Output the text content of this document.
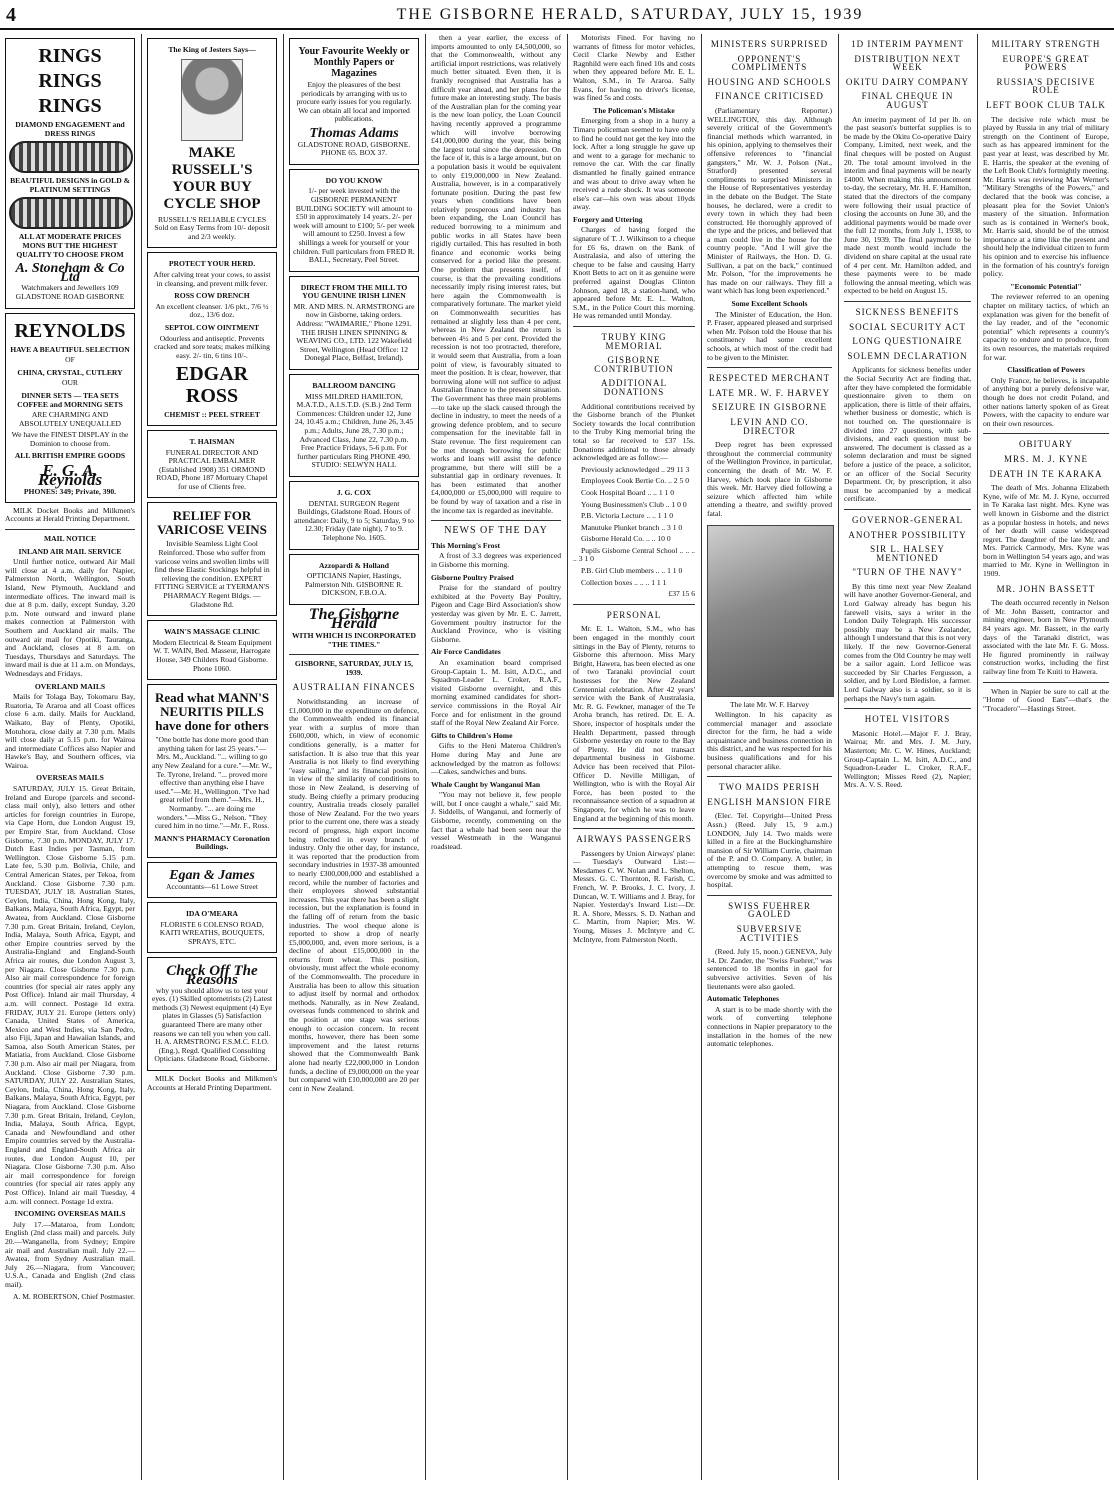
4	THE GISBORNE HERALD, SATURDAY, JULY 15, 1939
RINGS
RINGS
RINGS

DIAMOND ENGAGEMENT and DRESS RINGS

BEAUTIFUL DESIGNS in GOLD & PLATINUM SETTINGS

ALL AT MODERATE PRICES MONS BUT THE HIGHEST QUALITY TO CHOOSE FROM

A. Stoneham & Co Ltd

Watchmakers and Jewellers 109 GLADSTONE ROAD GISBORNE

REYNOLDS

HAVE A BEAUTIFUL SELECTION

OF

CHINA, CRYSTAL, CUTLERY

OUR

DINNER SETS — TEA SETS COFFEE and MORNING SETS

ARE CHARMING AND ABSOLUTELY UNEQUALLED

We have the FINEST DISPLAY in the Dominion to choose from.

ALL BRITISH EMPIRE GOODS

E. G. A. Reynolds

PHONES: 349; Private, 390.

MILK Docket Books and Milkmen's Accounts at Herald Printing Department.

MAIL NOTICE

INLAND AIR MAIL SERVICE

Until further notice, outward Air Mail will close at 4 a.m. daily for Napier, Palmerston North, Wellington, South Island, New Plymouth, Auckland and intermediate offices. The inward mail is due at 8 p.m. daily, except Sunday, 3.20 p.m. Note outward and inward plane makes connection at Palmerston with Southern and Auckland air mails. The outward air mail for Opotiki, Tauranga, and Auckland, closes at 8 a.m. on Tuesdays, Thursdays and Saturdays. The inward mail is due at 11 a.m. on Mondays, Wednesdays and Fridays.

OVERLAND MAILS

Mails for Tolaga Bay, Tokomaru Bay, Ruatoria, Te Araroa and all Coast offices close 6 a.m. daily. Mails for Auckland, Waikato, Bay of Plenty, Opotiki, Motuhora, close daily at 7.30 p.m. Mails will close daily at 5.15 p.m. for Wairoa and intermediate Coffices also Napier and Hawke's Bay, and Southern offices, via Wairoa.

OVERSEAS MAILS

SATURDAY, JULY 15. Great Britain, Ireland and Europe (parcels and second-class mail only), also letters and other articles for foreign countries in Europe, via Cape Horn, due London August 19, per Empire Star, from Auckland. Close Gisborne, 7.30 p.m. MONDAY, JULY 17. Dutch East Indies per Tasman, from Wellington. Close Gisborne 5.15 p.m. Late fee, 5.30 p.m. Bolivia, Chile, and Central American States, per Tekoa, from Auckland. Close Gisborne 7.30 p.m. TUESDAY, JULY 18. Australian States, Ceylon, India, China, Hong Kong, Italy, Balkans, Malaya, South Africa, Egypt, per Awatea, from Auckland. Close Gisborne 7.30 p.m. Great Britain, Ireland, Ceylon, India, Malaya, South Africa, Egypt, and other Empire countries served by the Australia-England and England-South Africa air routes, due London August 3, per Niagara. Close Gisborne 7.30 p.m. Also air mail correspondence for foreign countries (for special air rates apply any Post Office). Inland air mail Thursday, 4 a.m. will connect. Postage 1d extra. FRIDAY, JULY 21. Europe (letters only) Canada, United States of America, Mexico and West Indies, via San Pedro, also Fiji, Japan and Hawaiian Islands, and Samoa, also South American States, per Matiatia, from Auckland. Close Gisborne 7.30 p.m. Also air mail per Niagara, from Auckland. Close Gisborne 7.30 p.m. SATURDAY, JULY 22. Australian States, Ceylon, India, China, Hong Kong, Italy, Balkans, Malaya, South Africa, Egypt, per Niagara, from Auckland. Close Gisborne 7.30 p.m. Great Britain, Ireland, Ceylon, India, Malaya, South Africa, Egypt, Canada and Newfoundland and other Empire countries served by the Australia-England and England-South Africa air routes, due London August 10, per Niagara. Close Gisborne 7.30 p.m. Also air mail correspondence for foreign countries (for special air rates apply any Post Office). Inland air mail Tuesday, 4 a.m. will connect. Postage 1d extra.

INCOMING OVERSEAS MAILS

July 17.—Mataroa, from London; English (2nd class mail) and parcels. July 20.—Wanganella, from Sydney; Empire air mail and Australian mail. July 22.—Awatea, from Sydney Australian mail. July 26.—Niagara, from Vancouver; U.S.A., Canada and English (2nd class mail).

A. M. ROBERTSON, Chief Postmaster.

The King of Jesters Says—

MAKE RUSSELL'S YOUR BUY CYCLE SHOP

RUSSELL'S RELIABLE CYCLES Sold on Easy Terms from 10/- deposit and 2/3 weekly.

PROTECT YOUR HERD.

After calving treat your cows, to assist in cleansing, and prevent milk fever.

ROSS COW DRENCH

An excellent cleanser. 1/6 pkt., 7/6 ½ doz., 13/6 doz.

SEPTOL COW OINTMENT

Odourless and antiseptic. Prevents cracked and sore teats; makes milking easy. 2/- tin, 6 tins 10/-.

EDGAR ROSS

CHEMIST :: PEEL STREET

T. HAISMAN

FUNERAL DIRECTOR AND PRACTICAL EMBALMER (Established 1908) 351 ORMOND ROAD, Phone 187 Mortuary Chapel for use of Clients free.

RELIEF FOR VARICOSE VEINS

Invisible Seamless Light Cool Reinforced. Those who suffer from varicose veins and swollen limbs will find these Elastic Stockings helpful in relieving the condition. EXPERT FITTING SERVICE at TYERMAN'S PHARMACY Regent Bldgs. — Gladstone Rd.

WAIN'S MASSAGE CLINIC

Modern Electrical & Steam Equipment W. T. WAIN, Bed. Masseur, Harrogate House, 349 Childers Road Gisborne. Phone 1060.

Read what MANN'S NEURITIS PILLS have done for others

"One bottle has done more good than anything taken for last 25 years."—Mrs. M., Auckland. "... willing to go any New Zealand for a cure."—Mr. W., Te. Tyrone, Ireland. "... proved more effective than anything else I have used."—Mr. H., Wellington. "I've had great relief from them."—Mrs. H., Normanby. "... are doing me wonders."—Miss G., Nelson. "They cured him in no time."—Mr. F., Ross.

MANN'S PHARMACY Coronation Buildings.

Egan & James

Accountants—61 Lowe Street

IDA O'MEARA

FLORISTE 6 COLENSO ROAD, KAITI WREATHS, BOUQUETS, SPRAYS, ETC.

Check Off The Reasons

why you should allow us to test your eyes. (1) Skilled optometrists (2) Latest methods (3) Newest equipment (4) Eye plates in Glasses (5) Satisfaction guaranteed There are many other reasons we can tell you when you call. H. A. ARMSTRONG F.S.M.C. F.I.O. (Eng.), Regd. Qualified Consulting Opticians. Gladstone Road, Gisborne.

MILK Docket Books and Milkmen's Accounts at Herald Printing Department.

Your Favourite Weekly or Monthly Papers or Magazines

Enjoy the pleasures of the best periodicals by arranging with us to procure early issues for you regularly. We can obtain all local and imported publications.

Thomas Adams

GLADSTONE ROAD, GISBORNE. PHONE 65. BOX 37.

DO YOU KNOW

1/- per week invested with the GISBORNE PERMANENT BUILDING SOCIETY will amount to £50 in approximately 14 years. 2/- per week will amount to £100; 5/- per week will amount to £250. Invest a few shillings a week for yourself or your children. Full particulars from FRED R. BALL, Secretary, Peel Street.

DIRECT FROM THE MILL TO YOU GENUINE IRISH LINEN

MR. AND MRS. N. ARMSTRONG are now in Gisborne, taking orders. Address: "WAIMARIE," Phone 1291. THE IRISH LINEN SPINNING & WEAVING CO., LTD. 122 Wakefield Street, Wellington (Head Office: 12 Donegal Place, Belfast, Ireland).

BALLROOM DANCING

MISS MILDRED HAMILTON, M.A.T.D., A.I.S.T.D. (S.B.) 2nd Term Commences: Children under 12, June 24, 10.45 a.m.; Children, June 26, 3.45 p.m.; Adults, June 28, 7.30 p.m.; Advanced Class, June 22, 7.30 p.m. Free Practice Fridays, 5-6 p.m. For further particulars Ring PHONE 490. STUDIO: SELWYN HALL

J. G. COX

DENTAL SURGEON Regent Buildings, Gladstone Road. Hours of attendance: Daily, 9 to 5; Saturday, 9 to 12.30; Friday (late night), 7 to 9. Telephone No. 1605.

Azzopardi & Holland

OPTICIANS Napier, Hastings, Palmerston Nth. GISBORNE R. DICKSON, F.B.O.A.

The Gisborne Herald

WITH WHICH IS INCORPORATED "THE TIMES."

GISBORNE, SATURDAY, JULY 15, 1939.

AUSTRALIAN FINANCES

Notwithstanding an increase of £1,000,000 in the expenditure on defence, the Commonwealth ended its financial year with a surplus of more than £600,000, which, in view of economic conditions generally, is a matter for satisfaction. It is also true that this year Australia is not likely to find everything "easy sailing," and its financial position, in view of the similarity of conditions to those in New Zealand, is deserving of study. Being chiefly a primary producing country, Australia treads closely parallel those of New Zealand. For the two years prior to the current one, there was a steady record of progress, high export income being reflected in every branch of industry. Only the other day, for instance, it was reported that the production from secondary industries in 1937-38 amounted to nearly £300,000,000 and established a record, while the number of factories and their employees showed substantial increases. This year there has been a slight recession, but the explanation is found in the falling off of return from the basic industries. The wool cheque alone is reported to show a drop of nearly £5,000,000, and, even more serious, is a decline of about £15,000,000 in the returns from wheat. This position, obviously, must affect the whole economy of the Commonwealth. The procedure in Australia has been to allow this situation to adjust itself by normal and orthodox methods. Naturally, as in New Zealand, overseas funds commenced to shrink and the position at one stage was serious enough to occasion concern. In recent months, however, there has been some improvement and the latest returns showed that the Commonwealth Bank alone had nearly £22,000,000 in London funds, a decline of £9,000,000 on the year but compared with £10,000,000 are 20 per cent in New Zealand.

then a year earlier, the excess of imports amounted to only £4,500,000, so that the Commonwealth, without any artificial import restrictions, was relatively much better situated. Even then, it is frankly recognised that Australia has a difficult year ahead, and her plans for the future make an interesting study. The basis of the Australian plan for the coming year is the new loan policy, the Loan Council having recently approved a programme which will involve borrowing £41,000,000 during the year, this being the largest total since the depression. On the face of it, this is a large amount, but on a population basis it would be equivalent to only £19,000,000 in New Zealand. Australia, however, is in a comparatively fortunate position. During the past few years when conditions have been relatively prosperous and industry has been expanding, the Loan Council has reduced borrowing to a minimum and public works in all States have been rigidly curtailed. This has resulted in both finance and economic works being conserved for a period like the present. One problem that presents itself, of course, is that the prevailing conditions necessarily imply rising interest rates, but here again the Commonwealth is comparatively fortunate. The market yield on Commonwealth securities has remained at slightly less than 4 per cent, whereas in New Zealand the return is between 4½ and 5 per cent. Provided the recession is not too protracted, therefore, it would seem that Australia, from a loan point of view, is favourably situated to meet the position. It is clear, however, that borrowing alone will not suffice to adjust Australian finance to the present situation. The Government has three main problems—to take up the slack caused through the decline in industry, to meet the needs of a growing defence problem, and to secure compensation for the inevitable fall in State revenue. The first requirement can be met through borrowing for public works and loans will assist the defence programme, but there will still be a substantial gap in ordinary revenues. It has been estimated that another £4,000,000 or £5,000,000 will require to be found by way of taxation and a rise in the income tax is regarded as inevitable.

NEWS OF THE DAY

This Morning's Frost

A frost of 3.3 degrees was experienced in Gisborne this morning.

Gisborne Poultry Praised

Praise for the standard of poultry exhibited at the Poverty Bay Poultry, Pigeon and Cage Bird Association's show yesterday was given by Mr. E. C. Jarrett, Government poultry instructor for the Auckland Province, who is visiting Gisborne.

Air Force Candidates

An examination board comprised Group-Captain L. M. Isitt, A.D.C., and Squadron-Leader L. Croker, R.A.F., visited Gisborne overnight, and this morning examined candidates for short-service commissions in the Royal Air Force and for enlistment in the ground staff of the Royal New Zealand Air Force.

Gifts to Children's Home

Gifts to the Heni Materoa Children's Home during May and June are acknowledged by the matron as follows:—Cakes, sandwiches and buns.

Whale Caught by Wanganui Man

"You may not believe it, few people will, but I once caught a whale," said Mr. J. Siddells, of Wanganui, and formerly of Gisborne, recently, commenting on the fact that a whale had been seen near the vessel Westmeath in the Wanganui roadstead.

Motorists Fined. For having no warrants of fitness for motor vehicles, Cecil Clarke Newby and Esther Ragnhild were each fined 10s and costs when they appeared before Mr. E. L. Walton, S.M., in Te Araroa. Sally Evans, for having no driver's license, was fined 5s and costs.

The Policeman's Mistake

Emerging from a shop in a hurry a Timaru policeman seemed to have only to find he could not get the key into the lock. After a long struggle he gave up and went to a garage for mechanic to remove the car. With the car finally dismantled he finally gained entrance and was about to drive away when he received a rude shock. It was someone else's car—his own was about 10yds away.

Forgery and Uttering

Charges of having forged the signature of T. J. Wilkinson to a cheque for £6 6s, drawn on the Bank of Australasia, and also of uttering the cheque to be false and causing Harry Knott Betts to act on it as genuine were preferred against Douglas Clinton Johnson, aged 18, a station-hand, who appeared before Mr. E. L. Walton, S.M., in the Police Court this morning. He was remanded until Monday.

TRUBY KING MEMORIAL

GISBORNE CONTRIBUTION

ADDITIONAL DONATIONS

Additional contributions received by the Gisborne branch of the Plunket Society towards the local contribution to the Truby King memorial bring the total so far received to £37 15s. Donations additional to those already acknowledged are as follow:—

Previously acknowledged .. 29 11 3

Employees Cook Bertie Co. .. 2 5 0

Cook Hospital Board .. .. 1 1 0

Young Businessmen's Club .. 1 0 0

P.B. Victoria Lecture .. .. 1 1 0

Manutuke Plunket branch .. 3 1 0

Gisborne Herald Co. .. .. 10 0

Pupils Gisborne Central School .. .. .. .. 3 1 0

P.B. Girl Club members .. .. 1 1 0

Collection boxes .. .. .. 1 1 1

£37 15 6

PERSONAL

Mr. E. L. Walton, S.M., who has been engaged in the monthly court sittings in the Bay of Plenty, returns to Gisborne this afternoon. Miss Mary Bright, Hawera, has been elected as one of two Taranaki provincial court hostesses for the New Zealand Centennial celebration. After 42 years' service with the Bank of Australasia, Mr. R. G. Fewkner, manager of the Te Aroha branch, has retired. Dr. E. A. Shore, inspector of hospitals under the Health Department, passed through Gisborne yesterday en route to the Bay of Plenty. He did not transact departmental business in Gisborne. Advice has been received that Pilot-Officer D. Neville Milligan, of Wellington, who is with the Royal Air Force, has been posted to the reconnaissance section of a squadron at Singapore, for which he was to leave England at the beginning of this month.

AIRWAYS PASSENGERS

Passengers by Union Airways' plane:— Tuesday's Outward List:—Mesdames C. W. Nolan and L. Shelton, Messrs. G. C. Thornton, R. Farish, C. French, W. P. Brooks, J. C. Ivory, J. Duncan, W. T. Williams and J. Bray, for Napier. Yesterday's Inward List:—Dr. R. A. Shore, Messrs. S. D. Nathan and C. Martin, from Napier; Mrs. W. Young, Misses J. McIntyre and C. McIntyre, from Palmerston North.

MINISTERS SURPRISED

OPPONENT'S COMPLIMENTS

HOUSING AND SCHOOLS

FINANCE CRITICISED

(Parliamentary Reporter.) WELLINGTON, this day. Although severely critical of the Government's financial methods which warranted, in his opinion, applying to themselves their offensive references to "financial gangsters," Mr. W. J. Polson (Nat., Stratford) presented several compliments to surprised Ministers in the House of Representatives yesterday in the debate on the Budget. The State houses, he declared, were a credit to every town in which they had been constructed. He thoroughly approved of the type and the prices, and believed that a man could live in the house for the country people. "And I will give the Minister of Railways, the Hon. D. G. Sullivan, a pat on the back," continued Mr. Polson, "for the improvements he has made on our railways. They fill a want which has long been experienced."

Some Excellent Schools

The Minister of Education, the Hon. P. Fraser, appeared pleased and surprised when Mr. Polson told the House that his constituency had some excellent schools, at which most of the credit had to be given to the Minister.

RESPECTED MERCHANT

LATE MR. W. F. HARVEY

SEIZURE IN GISBORNE

LEVIN AND CO. DIRECTOR

Deep regret has been expressed throughout the commercial community of the Wellington Province, in particular, concerning the death of Mr. W. F. Harvey, which took place in Gisborne this week. Mr. Harvey died following a seizure which affected him while attending a theatre, and swiftly proved fatal.

The late Mr. W. F. Harvey

Wellington. In his capacity as commercial manager and associate director for the firm, he had a wide acquaintance and business connection in this district, and he was respected for his business qualifications and for his personal character alike.

TWO MAIDS PERISH

ENGLISH MANSION FIRE

(Elec. Tel. Copyright—United Press Assn.) (Reed. July 15, 9 a.m.) LONDON, July 14. Two maids were killed in a fire at the Buckinghamshire mansion of Sir William Currie, chairman of the P. and O. Company. A butler, in attempting to rescue them, was overcome by smoke and was admitted to hospital.

SWISS FUEHRER GAOLED

SUBVERSIVE ACTIVITIES

(Reed. July 15, noon.) GENEVA, July 14. Dr. Zander, the "Swiss Fuehrer," was sentenced to 18 months in gaol for subversive activities. Seven of his lieutenants were also gaoled.

Automatic Telephones

A start is to be made shortly with the work of converting telephone connections in Napier preparatory to the installation in the homes of the new automatic telephones.

1D INTERIM PAYMENT

DISTRIBUTION NEXT WEEK

OKITU DAIRY COMPANY

FINAL CHEQUE IN AUGUST

An interim payment of 1d per lb. on the past season's butterfat supplies is to be made by the Okitu Co-operative Dairy Company, Limited, next week, and the final cheques will be posted on August 20. The total amount involved in the interim and final payments will be nearly £4000. When making this announcement to-day, the secretary, Mr. H. F. Hamilton, stated that the directors of the company were following their usual practice of closing the accounts on June 30, and the additional payments would be made over the full 12 months, from July 1, 1938, to June 30, 1939. The final payment to be made next month would include the dividend on share capital at the usual rate of 4 per cent. Mr. Hamilton added, and these payments were to be made following the annual meeting, which was expected to be held on August 15.

SICKNESS BENEFITS

SOCIAL SECURITY ACT

LONG QUESTIONAIRE

SOLEMN DECLARATION

Applicants for sickness benefits under the Social Security Act are finding that, after they have completed the formidable questionnaire given to them on application, there is little of their affairs, whether business or domestic, which is not touched on. The questionnaire is divided into 27 questions, with sub-divisions, and each question must be answered. The document is classed as a solemn declaration and must be signed before a justice of the peace, a solicitor, or an officer of the Social Security Department. Or, by prescription, it also must be accompanied by a medical certificate.

GOVERNOR-GENERAL

ANOTHER POSSIBILITY

SIR L. HALSEY MENTIONED

"TURN OF THE NAVY"

By this time next year New Zealand will have another Governor-General, and Lord Galway already has begun his farewell visits, says a writer in the London Daily Telegraph. His successor possibly may be a New Zealander, although I understand that this is not very likely. If the new Governor-General comes from the Old Country he may well be a sailor again. Lord Jellicoe was succeeded by Sir Charles Fergusson, a soldier, and by Lord Bledisloe, a farmer. Lord Galway also is a soldier, so it is perhaps the Navy's turn again.

HOTEL VISITORS

Masonic Hotel.—Major F. J. Bray, Wairoa; Mr. and Mrs. J. M. Jury, Masterton; Mr. C. W. Hines, Auckland; Group-Captain L. M. Isitt, A.D.C., and Squadron-Leader L. Croker, R.A.F., Wellington; Misses Reed (2), Napier; Mrs. A. V. S. Reed.

MILITARY STRENGTH

EUROPE'S GREAT POWERS

RUSSIA'S DECISIVE ROLE

LEFT BOOK CLUB TALK

The decisive role which must be played by Russia in any trial of military strength on the Continent of Europe, such as has appeared imminent for the past year at least, was described by Mr. E. Harris, the speaker at the evening of the Left Book Club's fortnightly meeting. Mr. Harris was reviewing Max Werner's "Military Strengths of the Powers," and declared that the book was concise, a pleasant plea for the Soviet Union's mastery of the situation. Information such as is contained in Werner's book, Mr. Harris said, should be of the utmost importance at a time like the present and should help the individual citizen to form his opinion and to exercise his influence in the formation of his country's foreign policy.

"Economic Potential"

The reviewer referred to an opening chapter on military tactics, of which an explanation was given for the benefit of the lay reader, and of the "economic potential" which represents a country's capacity to endure and to produce, from its own resources, the materials required for war.

Classification of Powers

Only France, he believes, is incapable of anything but a purely defensive war, though he does not credit Poland, and other nations latterly spoken of as Great Powers, with the capacity to endure war on their own resources.

OBITUARY

MRS. M. J. KYNE

DEATH IN TE KARAKA

The death of Mrs. Johanna Elizabeth Kyne, wife of Mr. M. J. Kyne, occurred in Te Karaka last night. Mrs. Kyne was well known in Gisborne and the district as a popular hostess in hotels, and news of her death will cause widespread regret. The daughter of the late Mr. and Mrs. Patrick Carmody, Mrs. Kyne was born in Wellington 54 years ago, and was married to Mr. Kyne in Wellington in 1909.

MR. JOHN BASSETT

The death occurred recently in Nelson of Mr. John Bassett, contractor and mining engineer, born in New Plymouth 84 years ago. Mr. Bassett, in the early days of the Taranaki district, was associated with the late Mr. F. G. Moss. He figured prominently in railway construction works, including the first railway line from Te Kuiti to Hawera.

When in Napier be sure to call at the "Home of Good Eats"—that's the "Trocadero"—Hastings Street.
